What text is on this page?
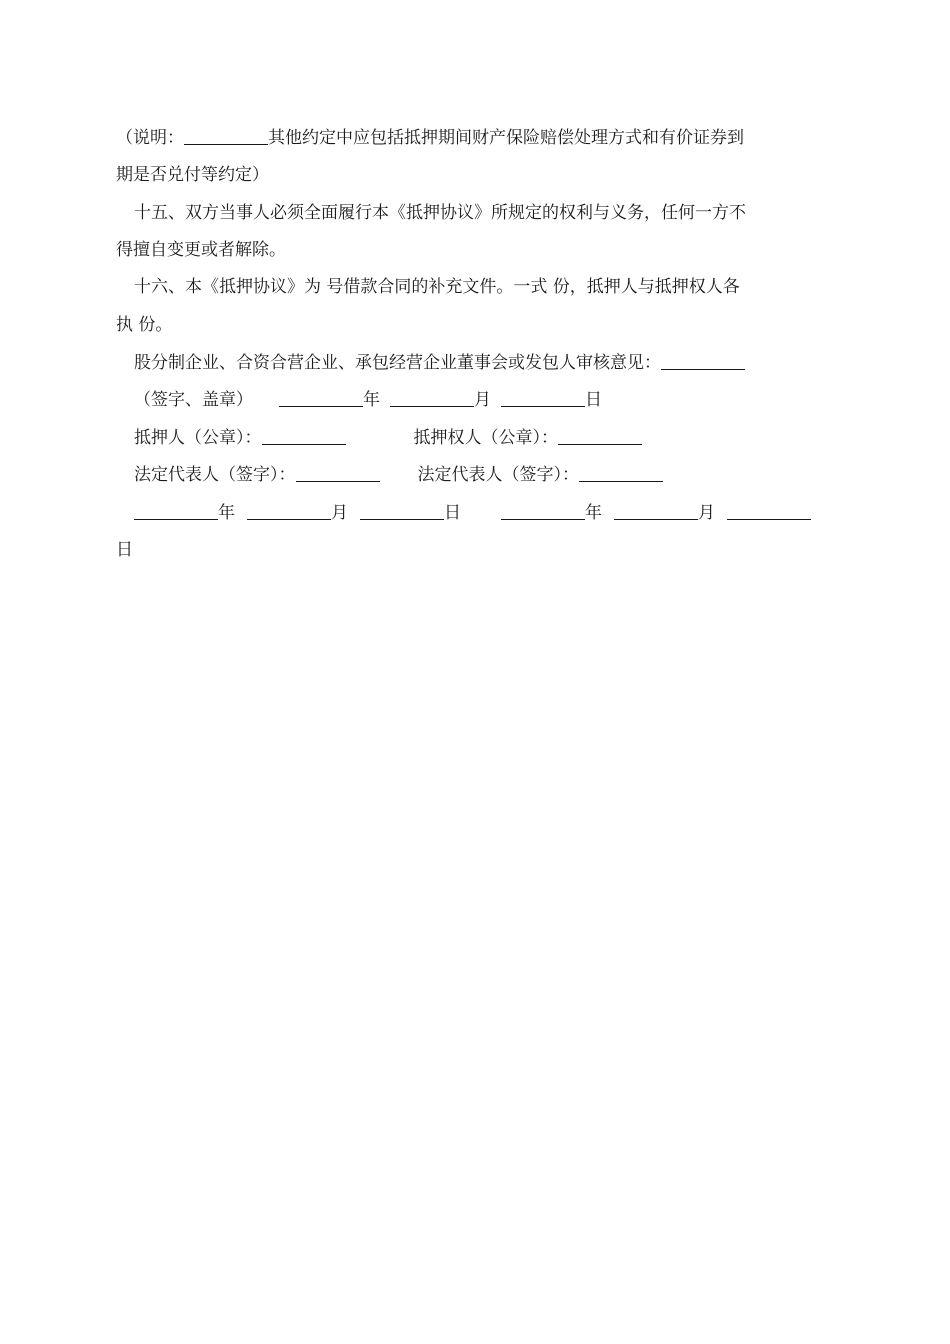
（说明：	其他约定中应包括抵押期间财产保险赔偿处理方式和有价证券到
期是否兑付等约定）
十五、双方当事人必须全面履行本《抵押协议》所规定的权利与义务，任何一方不
得擅自变更或者解除。
十六、本《抵押协议》为 号借款合同的补充文件。一式 份，抵押人与抵押权人各
执 份。
股分制企业、合资合营企业、承包经营企业董事会或发包人审核意见：
（签字、盖章）	年	月	日
抵押人（公章）：	抵押权人（公章）：
法定代表人（签字）：	法定代表人（签字）：
年	月	日	年	月
日
